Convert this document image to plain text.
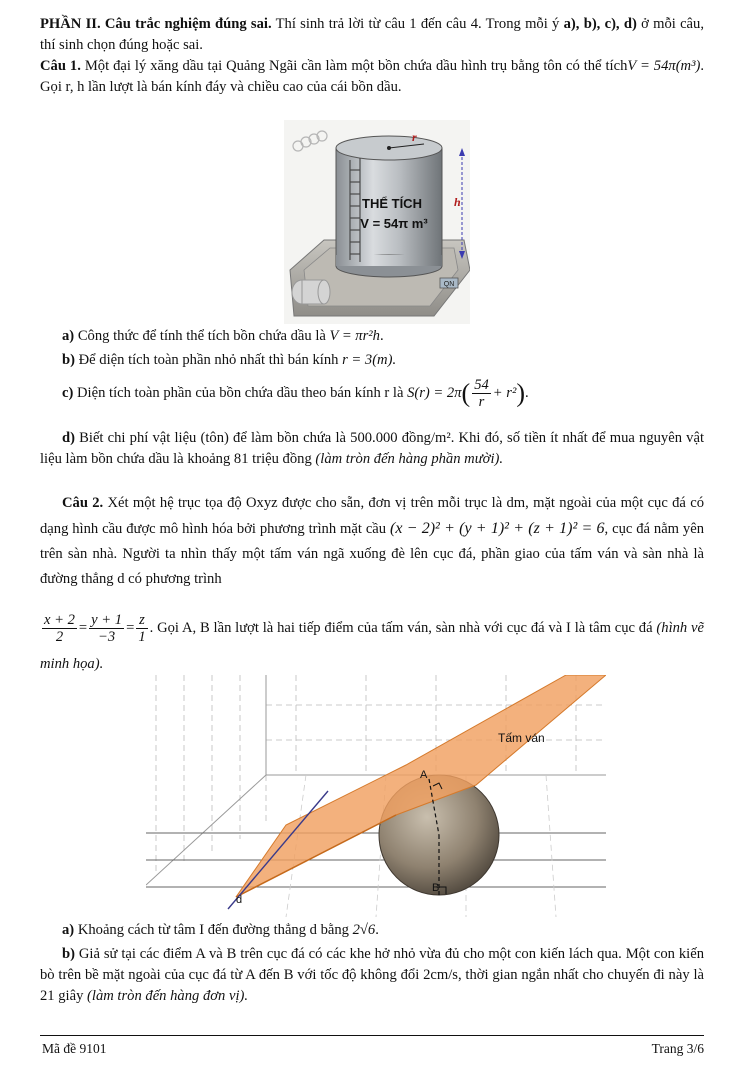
PHẦN II. Câu trắc nghiệm đúng sai. Thí sinh trả lời từ câu 1 đến câu 4. Trong mỗi ý a), b), c), d) ở mỗi câu, thí sinh chọn đúng hoặc sai.

Câu 1. Một đại lý xăng dầu tại Quảng Ngãi cần làm một bồn chứa dầu hình trụ bằng tôn có thể tíchV = 54π(m³). Gọi r, h lần lượt là bán kính đáy và chiều cao của cái bồn dầu.

h
r
THỂ TÍCH
V = 54π m³
QN

a) Công thức để tính thể tích bồn chứa dầu là V = πr²h.

b) Để diện tích toàn phần nhỏ nhất thì bán kính r = 3(m).

c) Diện tích toàn phần của bồn chứa dầu theo bán kính r là $S(r) = 2\pi( \frac{54}{r} + r^2)$.

d) Biết chi phí vật liệu (tôn) để làm bồn chứa là 500.000 đồng/m². Khi đó, số tiền ít nhất để mua nguyên vật liệu làm bồn chứa dầu là khoảng 81 triệu đồng (làm tròn đến hàng phần mười).

Câu 2. Xét một hệ trục tọa độ Oxyz được cho sẵn, đơn vị trên mỗi trục là dm, mặt ngoài của một cục đá có dạng hình cầu được mô hình hóa bởi phương trình mặt cầu (x − 2)² + (y + 1)² + (z + 1)² = 6, cục đá nằm yên trên sàn nhà. Người ta nhìn thấy một tấm ván ngã xuống đè lên cục đá, phần giao của tấm ván và sàn nhà là đường thẳng d có phương trình

$\frac{x + 2}{2} = \frac{y + 1}{-3} = \frac{z}{1}$ . Gọi A, B lần lượt là hai tiếp điểm của tấm ván, sàn nhà với cục đá và I là tâm cục đá (hình vẽ minh họa).

d
A
B
Tấm ván

a) Khoảng cách từ tâm I đến đường thẳng d bằng 2√6.

b) Giả sử tại các điểm A và B trên cục đá có các khe hở nhỏ vừa đủ cho một con kiến lách qua. Một con kiến bò trên bề mặt ngoài của cục đá từ A đến B với tốc độ không đổi 2cm/s, thời gian ngắn nhất cho chuyến đi này là 21 giây (làm tròn đến hàng đơn vị).

Mã đề 9101	Trang 3/6
